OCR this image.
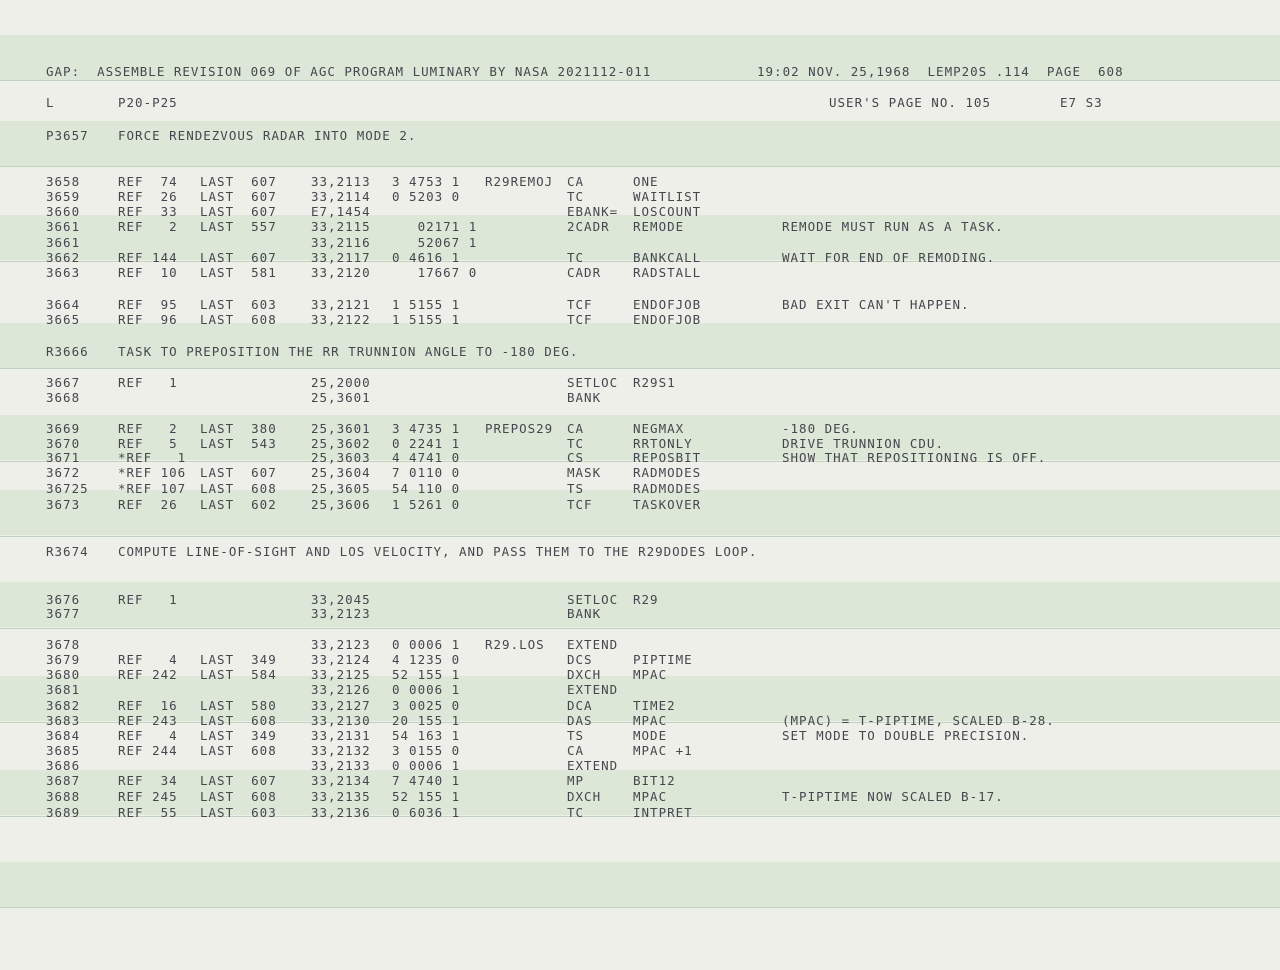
GAP:  ASSEMBLE REVISION 069 OF AGC PROGRAM LUMINARY BY NASA 2021112-011	19:02 NOV. 25,1968  LEMP20S .114  PAGE  608
L	P20-P25	USER'S PAGE NO. 105	E7 S3
P3657 FORCE RENDEZVOUS RADAR INTO MODE 2.
R3666 TASK TO PREPOSITION THE RR TRUNNION ANGLE TO -180 DEG.
R3674 COMPUTE LINE-OF-SIGHT AND LOS VELOCITY, AND PASS THEM TO THE R29DODES LOOP.
3658	REF  74 LAST  607	33,2113 3 4753 1 R29REMOJ CA	ONE
3659	REF  26 LAST  607	33,2114 0 5203 0	TC	WAITLIST
3660	REF  33 LAST  607	E7,1454	EBANK= LOSCOUNT
3661	REF   2 LAST  557	33,2115 02171 1	2CADR REMODE	REMODE MUST RUN AS A TASK.
3661	33,2116 52067 1
3662	REF 144 LAST  607	33,2117 0 4616 1	TC	BANKCALL	WAIT FOR END OF REMODING.
3663	REF  10 LAST  581	33,2120 17667 0	CADR	RADSTALL
3664	REF  95 LAST  603	33,2121 1 5155 1	TCF	ENDOFJOB	BAD EXIT CAN'T HAPPEN.
3665	REF  96 LAST  608	33,2122 1 5155 1	TCF	ENDOFJOB
3667	REF   1	25,2000	SETLOC R29S1
3668	25,3601	BANK
3669	REF   2 LAST  380	25,3601 3 4735 1 PREPOS29 CA	NEGMAX	-180 DEG.
3670	REF   5 LAST  543	25,3602 0 2241 1	TC	RRTONLY	DRIVE TRUNNION CDU.
3671	*REF   1	25,3603 4 4741 0	CS	REPOSBIT	SHOW THAT REPOSITIONING IS OFF.
3672	*REF 106 LAST  607	25,3604 7 0110 0	MASK	RADMODES
36725 *REF 107 LAST  608	25,3605 54 110 0	TS	RADMODES
3673	REF  26 LAST  602	25,3606 1 5261 0	TCF	TASKOVER
3676	REF   1	33,2045	SETLOC R29
3677	33,2123	BANK
3678	33,2123 0 0006 1 R29.LOS EXTEND
3679	REF   4 LAST  349	33,2124 4 1235 0	DCS	PIPTIME
3680	REF 242 LAST  584	33,2125 52 155 1	DXCH	MPAC
3681	33,2126 0 0006 1	EXTEND
3682	REF  16 LAST  580	33,2127 3 0025 0	DCA	TIME2
3683	REF 243 LAST  608	33,2130 20 155 1	DAS	MPAC	(MPAC) = T-PIPTIME, SCALED B-28.
3684	REF   4 LAST  349	33,2131 54 163 1	TS	MODE	SET MODE TO DOUBLE PRECISION.
3685	REF 244 LAST  608	33,2132 3 0155 0	CA	MPAC +1
3686	33,2133 0 0006 1	EXTEND
3687	REF  34 LAST  607	33,2134 7 4740 1	MP	BIT12
3688	REF 245 LAST  608	33,2135 52 155 1	DXCH	MPAC	T-PIPTIME NOW SCALED B-17.
3689	REF  55 LAST  603	33,2136 0 6036 1	TC	INTPRET
